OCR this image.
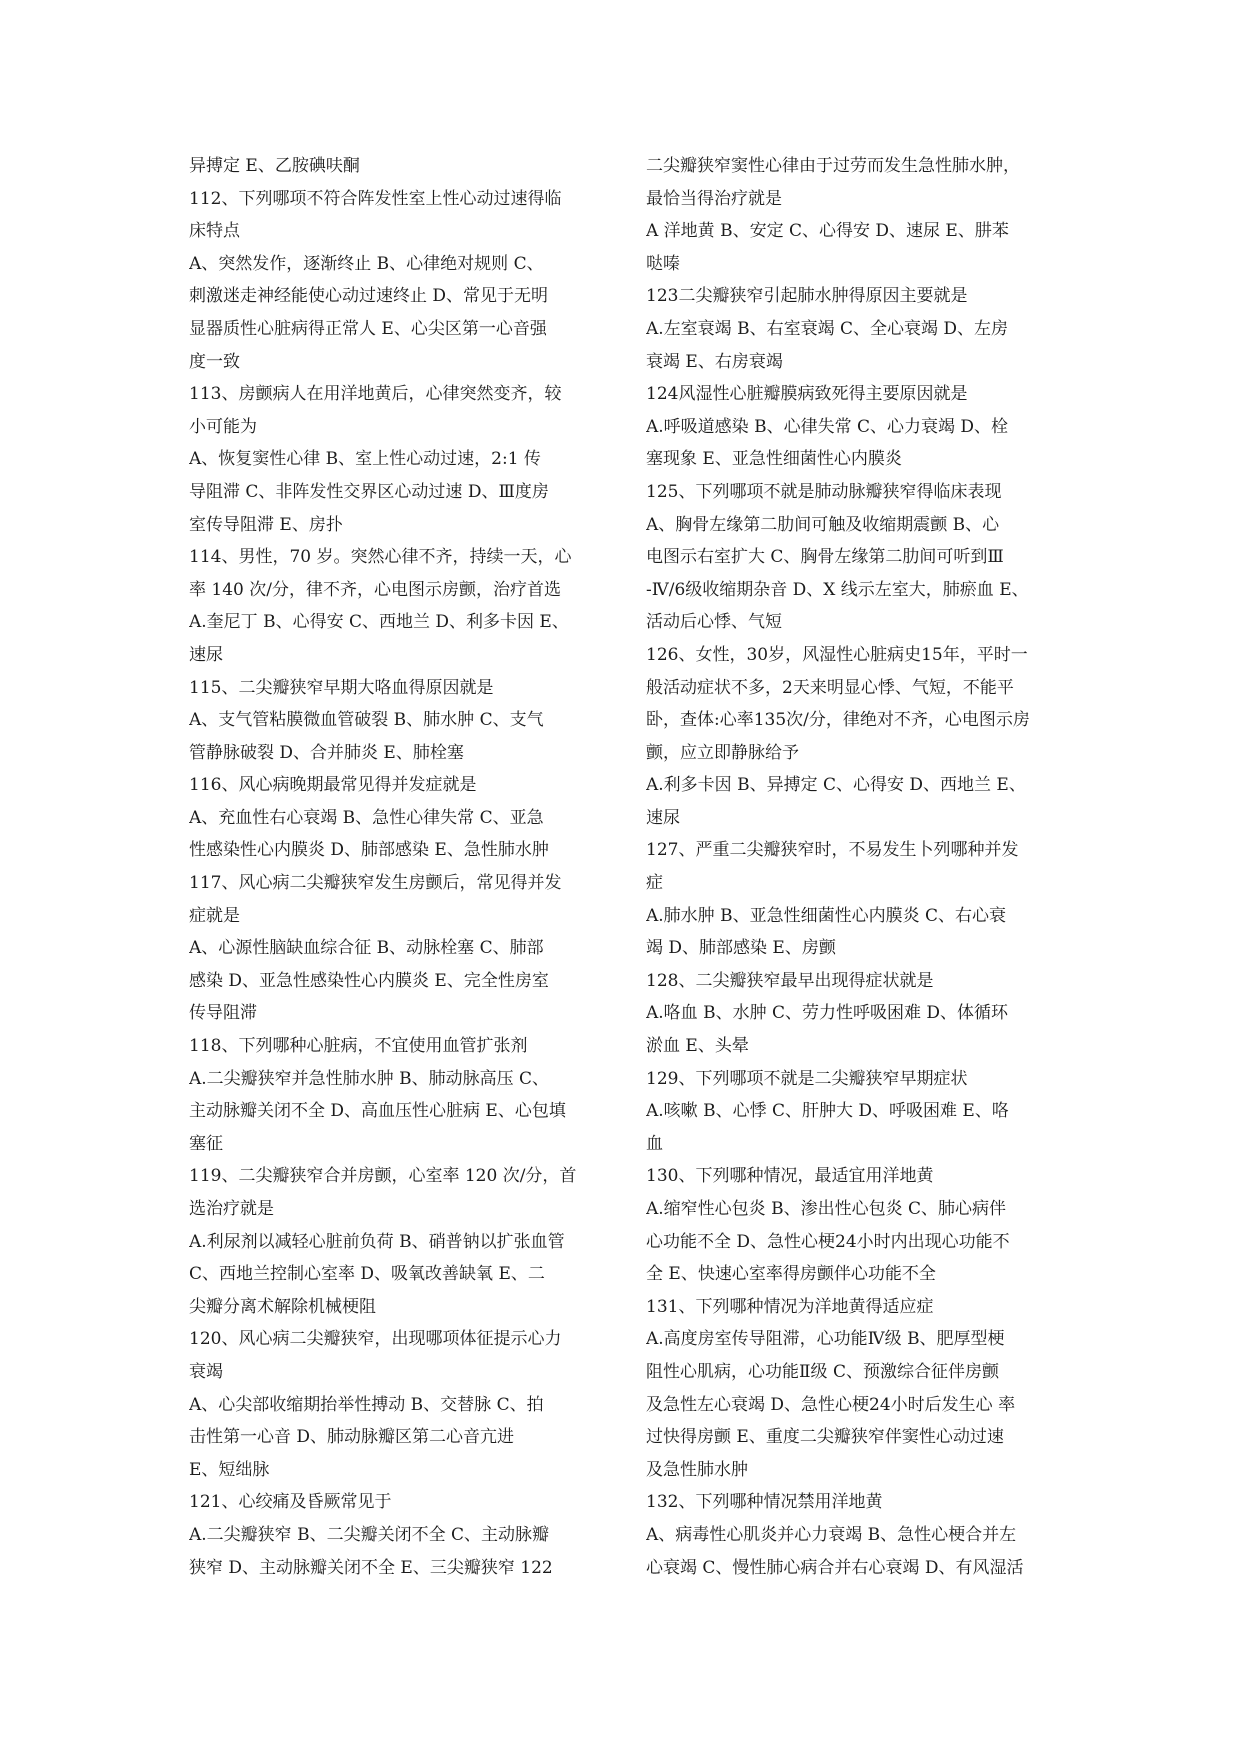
异搏定 E、乙胺碘呋酮
112、下列哪项不符合阵发性室上性心动过速得临
床特点
A、突然发作，逐渐终止 B、心律绝对规则 C、
刺激迷走神经能使心动过速终止 D、常见于无明
显器质性心脏病得正常人 E、心尖区第一心音强
度一致
113、房颤病人在用洋地黄后，心律突然变齐，较
小可能为
A、恢复窦性心律 B、室上性心动过速，2:1 传
导阻滞 C、非阵发性交界区心动过速 D、Ⅲ度房
室传导阻滞 E、房扑
114、男性，70 岁。突然心律不齐，持续一天，心
率 140 次/分，律不齐，心电图示房颤，治疗首选
A.奎尼丁 B、心得安 C、西地兰 D、利多卡因 E、
速尿
115、二尖瓣狭窄早期大咯血得原因就是
A、支气管粘膜微血管破裂 B、肺水肿 C、支气
管静脉破裂 D、合并肺炎 E、肺栓塞
116、风心病晚期最常见得并发症就是
A、充血性右心衰竭 B、急性心律失常 C、亚急
性感染性心内膜炎 D、肺部感染 E、急性肺水肿
117、风心病二尖瓣狭窄发生房颤后，常见得并发
症就是
A、心源性脑缺血综合征 B、动脉栓塞 C、肺部
感染 D、亚急性感染性心内膜炎 E、完全性房室
传导阻滞
118、下列哪种心脏病，不宜使用血管扩张剂
A.二尖瓣狭窄并急性肺水肿 B、肺动脉高压 C、
主动脉瓣关闭不全 D、高血压性心脏病 E、心包填
塞征
119、二尖瓣狭窄合并房颤，心室率 120 次/分，首
选治疗就是
A.利尿剂以减轻心脏前负荷 B、硝普钠以扩张血管
C、西地兰控制心室率 D、吸氧改善缺氧 E、二
尖瓣分离术解除机械梗阻
120、风心病二尖瓣狭窄，出现哪项体征提示心力
衰竭
A、心尖部收缩期抬举性搏动 B、交替脉 C、拍
击性第一心音 D、肺动脉瓣区第二心音亢进
E、短绌脉
121、心绞痛及昏厥常见于
A.二尖瓣狭窄 B、二尖瓣关闭不全 C、主动脉瓣
狭窄 D、主动脉瓣关闭不全 E、三尖瓣狭窄 122
二尖瓣狭窄窦性心律由于过劳而发生急性肺水肿，
最恰当得治疗就是
A 洋地黄 B、安定 C、心得安 D、速尿 E、肼苯
哒嗪
123二尖瓣狭窄引起肺水肿得原因主要就是
A.左室衰竭 B、右室衰竭 C、全心衰竭 D、左房
衰竭 E、右房衰竭
124风湿性心脏瓣膜病致死得主要原因就是
A.呼吸道感染 B、心律失常 C、心力衰竭 D、栓
塞现象 E、亚急性细菌性心内膜炎
125、下列哪项不就是肺动脉瓣狭窄得临床表现
A、胸骨左缘第二肋间可触及收缩期震颤 B、心
电图示右室扩大 C、胸骨左缘第二肋间可听到Ⅲ
-Ⅳ/6级收缩期杂音 D、X 线示左室大，肺瘀血 E、
活动后心悸、气短
126、女性，30岁，风湿性心脏病史15年，平时一
般活动症状不多，2天来明显心悸、气短，不能平
卧，查体:心率135次/分，律绝对不齐，心电图示房
颤，应立即静脉给予
A.利多卡因 B、异搏定 C、心得安 D、西地兰 E、
速尿
127、严重二尖瓣狭窄时，不易发生卜列哪种并发
症
A.肺水肿 B、亚急性细菌性心内膜炎 C、右心衰
竭 D、肺部感染 E、房颤
128、二尖瓣狭窄最早出现得症状就是
A.咯血 B、水肿 C、劳力性呼吸困难 D、体循环
淤血 E、头晕
129、下列哪项不就是二尖瓣狭窄早期症状
A.咳嗽 B、心悸 C、肝肿大 D、呼吸困难 E、咯
血
130、下列哪种情况，最适宜用洋地黄
A.缩窄性心包炎 B、渗出性心包炎 C、肺心病伴
心功能不全 D、急性心梗24小时内出现心功能不
全 E、快速心室率得房颤伴心功能不全
131、下列哪种情况为洋地黄得适应症
A.高度房室传导阻滞，心功能Ⅳ级 B、肥厚型梗
阻性心肌病，心功能Ⅱ级 C、预激综合征伴房颤
及急性左心衰竭 D、急性心梗24小时后发生心 率
过快得房颤 E、重度二尖瓣狭窄伴窦性心动过速
及急性肺水肿
132、下列哪种情况禁用洋地黄
A、病毒性心肌炎并心力衰竭 B、急性心梗合并左
心衰竭 C、慢性肺心病合并右心衰竭 D、有风湿活
